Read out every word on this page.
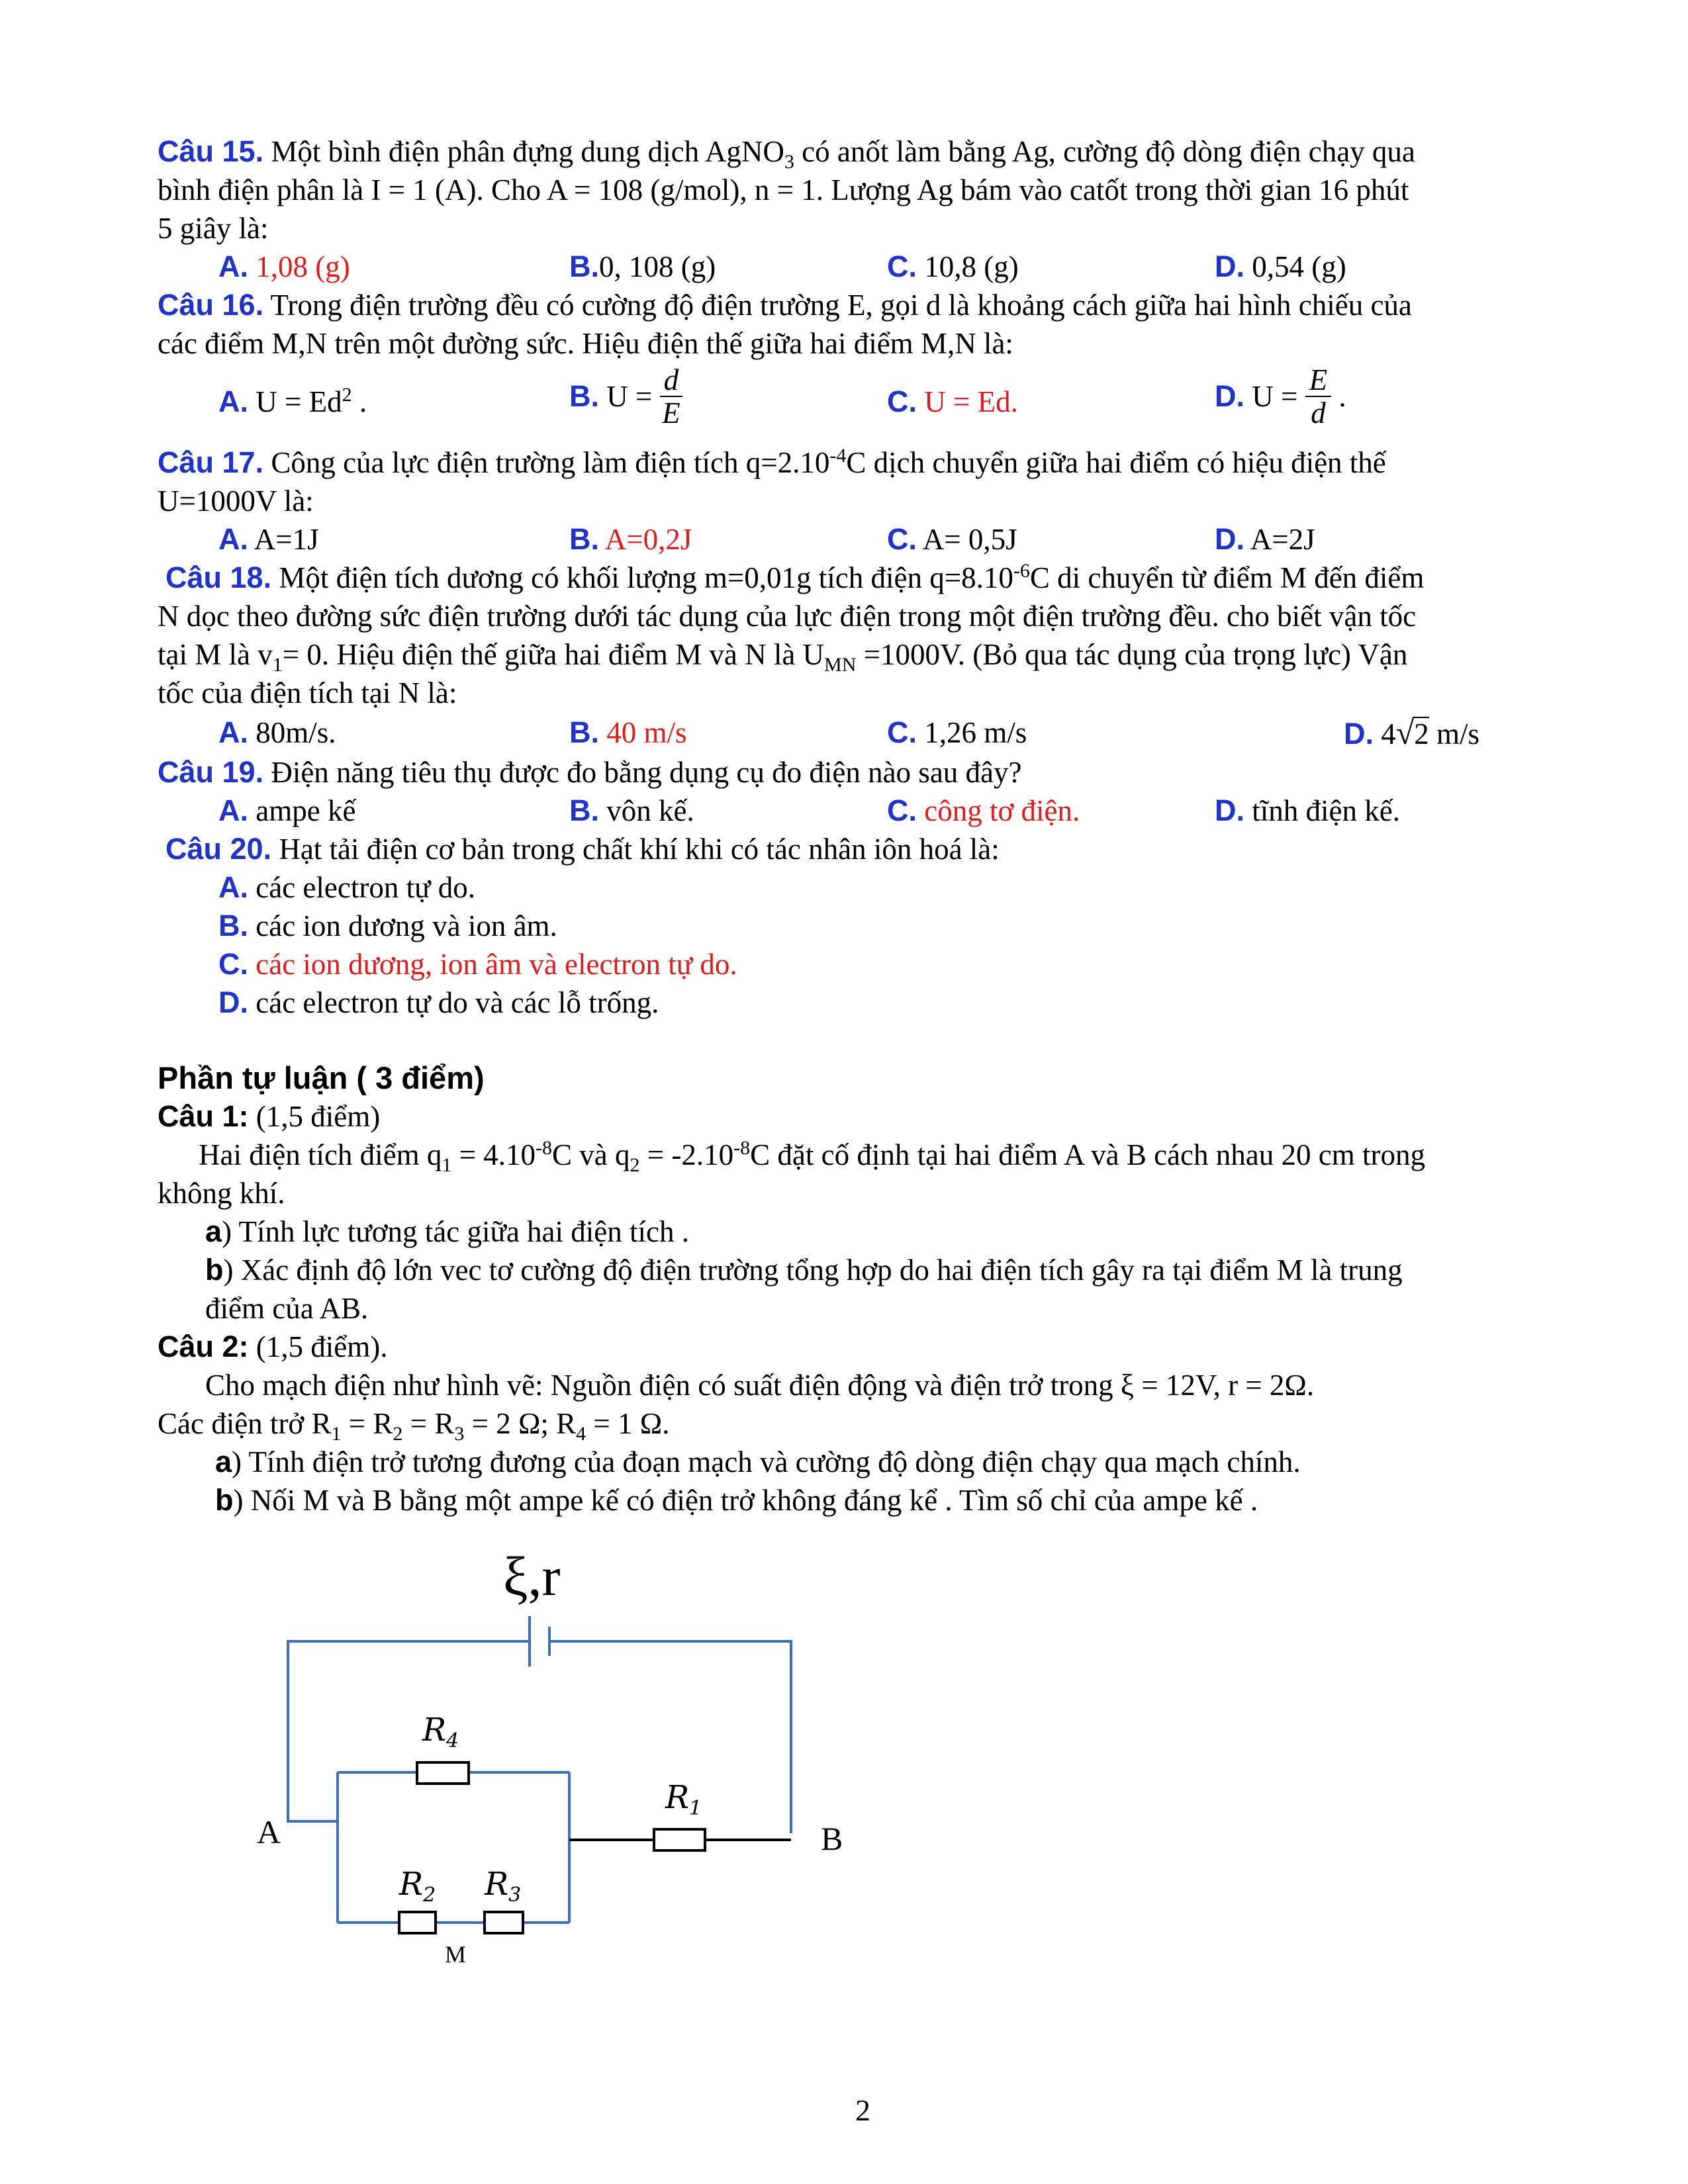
Câu 15. Một bình điện phân đựng dung dịch AgNO$_3$ có anốt làm bằng Ag, cường độ dòng điện chạy qua
bình điện phân là I = 1 (A). Cho A = 108 (g/mol), n = 1. Lượng Ag bám vào catốt trong thời gian 16 phút
5 giây là:
A. 1,08 (g)	B.0, 108 (g)	C. 10,8 (g)	D. 0,54 (g)
Câu 16. Trong điện trường đều có cường độ điện trường E, gọi d là khoảng cách giữa hai hình chiếu của
các điểm M,N trên một đường sức. Hiệu điện thế giữa hai điểm M,N là:
A. $U = Ed^2$ .	B. $U = \frac{d}{E}$	C. U = Ed.	D. $U = \frac{E}{d}$ .
Câu 17. Công của lực điện trường làm điện tích $q=2.10^{-4}C$ dịch chuyển giữa hai điểm có hiệu điện thế
U=1000V là:
A. A=1J	B. A=0,2J	C. A= 0,5J	D. A=2J
Câu 18. Một điện tích dương có khối lượng m=0,01g tích điện $q=8.10^{-6}C$ di chuyển từ điểm M đến điểm
N dọc theo đường sức điện trường dưới tác dụng của lực điện trong một điện trường đều. cho biết vận tốc
tại M là $v_1= 0$. Hiệu điện thế giữa hai điểm M và N là $U_{MN} =1000V$. (Bỏ qua tác dụng của trọng lực) Vận
tốc của điện tích tại N là:
A. 80m/s.	B. 40 m/s	C. 1,26 m/s	D. 4√2 m/s
Câu 19. Điện năng tiêu thụ được đo bằng dụng cụ đo điện nào sau đây?
A. ampe kế	B. vôn kế.	C. công tơ điện.	D. tĩnh điện kế.
Câu 20. Hạt tải điện cơ bản trong chất khí khi có tác nhân iôn hoá là:
A. các electron tự do.
B. các ion dương và ion âm.
C. các ion dương, ion âm và electron tự do.
D. các electron tự do và các lỗ trống.
Phần tự luận ( 3 điểm)
Câu 1: (1,5 điểm)
Hai điện tích điểm $q_1 = 4.10^{-8}C$ và $q_2 = -2.10^{-8}C$ đặt cố định tại hai điểm A và B cách nhau 20 cm trong
không khí.
a) Tính lực tương tác giữa hai điện tích .
b) Xác định độ lớn vec tơ cường độ điện trường tổng hợp do hai điện tích gây ra tại điểm M là trung
điểm của AB.
Câu 2: (1,5 điểm).
Cho mạch điện như hình vẽ: Nguồn điện có suất điện động và điện trở trong ξ = 12V, r = 2Ω.
Các điện trở $R_1 = R_2 = R_3 = 2$ Ω; $R_4 = 1$ Ω.
a) Tính điện trở tương đương của đoạn mạch và cường độ dòng điện chạy qua mạch chính.
b) Nối M và B bằng một ampe kế có điện trở không đáng kể . Tìm số chỉ của ampe kế .
ξ,r
A	B
M
$R_4$
$R_1$
$R_2$ $R_3$
2
